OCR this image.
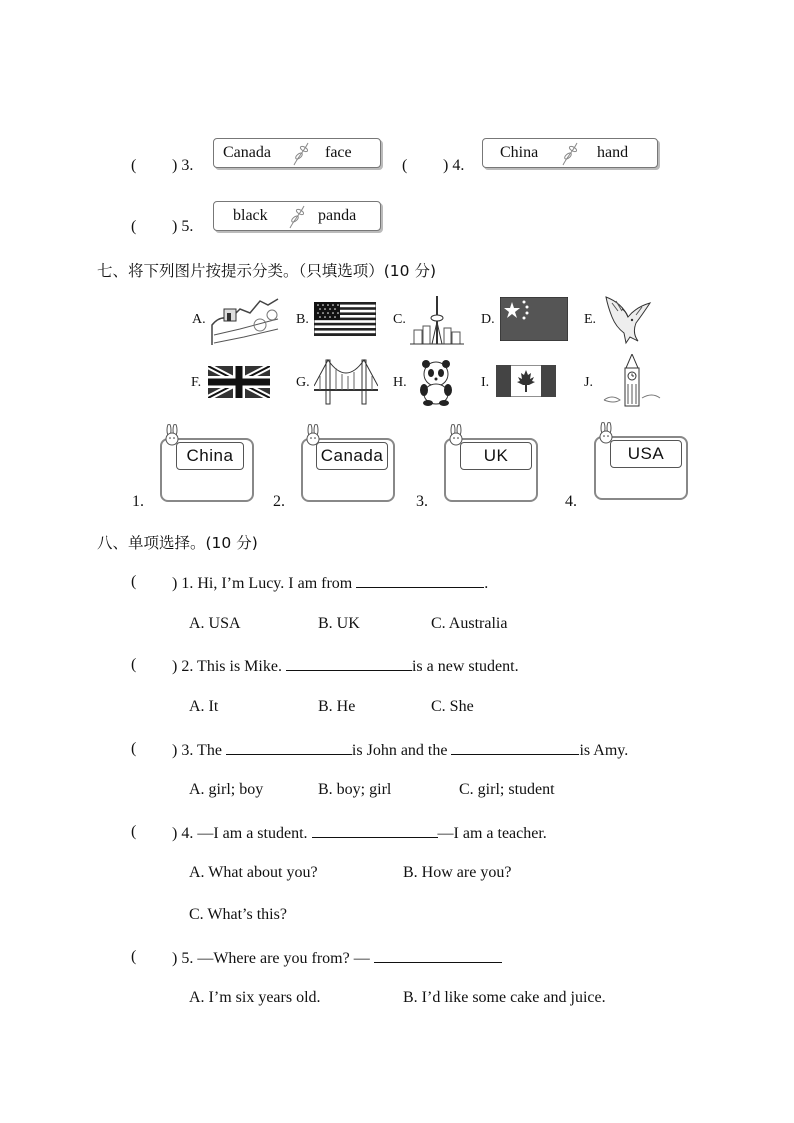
( ) 3.
Canada	face
( ) 4.
China	hand
( ) 5.
black	panda
七、将下列图片按提示分类。（只填选项）(10 分)
A.	B.	C.	D.	E.
F.	G.	H.	I.	J.
1.
China
2.
Canada
3.
UK
4.
USA
八、单项选择。(10 分)
( ) 1. Hi, I’m Lucy. I am from	.
A. USA	B. UK	C. Australia
( ) 2. This is Mike.	is a new student.
A. It	B. He	C. She
( ) 3. The	is John and the	is Amy.
A. girl; boy	B. boy; girl	C. girl; student
( ) 4. —I am a student.	—I am a teacher.
A. What about you?	B. How are you?
C. What’s this?
( ) 5. —Where are you from? —
A. I’m six years old.	B. I’d like some cake and juice.
